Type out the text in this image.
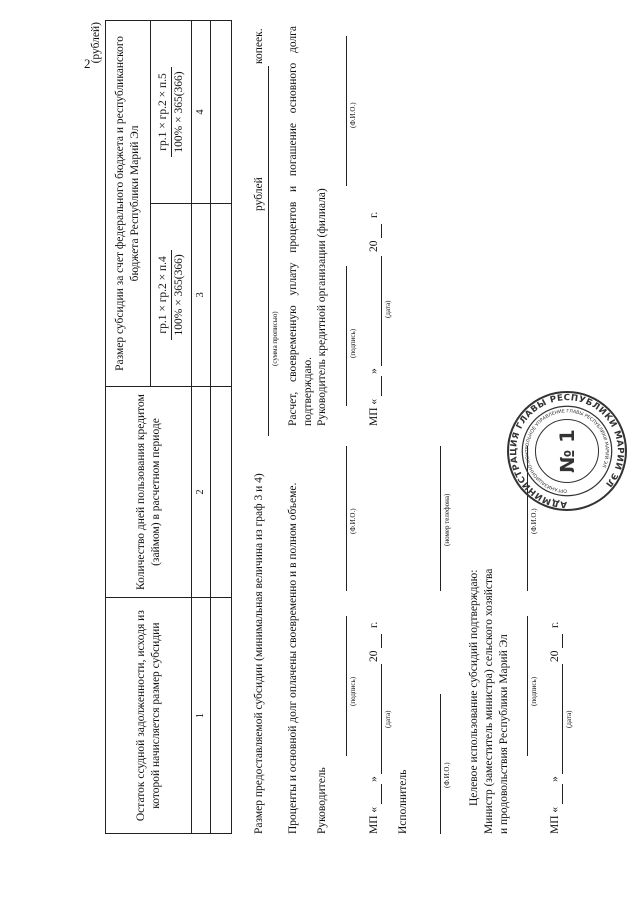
2
(рублей)
Остаток ссудной задолженности, исходя из которой начисляется размер субсидии	Количество дней пользования кредитом (займом) в расчетном периоде	Размер субсидии за счет федерального бюджета и республиканского бюджета Республики Марий Эл	

		гр.1 × гр.2 × п.4 100% × 365(366)	гр.1 × гр.2 × п.5 100% × 365(366)

1	2	3	4

Размер предоставляемой субсидии (минимальная величина из граф 3 и 4)
рублей
копеек.
(сумма прописью)
Проценты и основной долг оплачены своевременно и в полном объеме. Руководитель
(подпись)
(Ф.И.О.)
МП «
»
20
г.
(дата)
Исполнитель	(Ф.И.О.)
(номер телефона)
Расчет, своевременную уплату процентов и погашение основного долга подтверждаю. Руководитель кредитной организации (филиала)	(подпись)
(Ф.И.О.)
МП «
»
20
г.
(дата)
Целевое использование субсидий подтверждаю: Министр (заместитель министра) сельского хозяйства и продовольствия Республики Марий Эл	(подпись)
(Ф.И.О.)
МП «
»
20
г.
(дата)
АДМИНИСТРАЦИЯ ГЛАВЫ РЕСПУБЛИКИ МАРИЙ ЭЛ
ОРГАНИЗАЦИОННО-КОНТРОЛЬНОЕ УПРАВЛЕНИЕ ГЛАВЫ РЕСПУБЛИКИ МАРИЙ ЭЛ
№ 1
